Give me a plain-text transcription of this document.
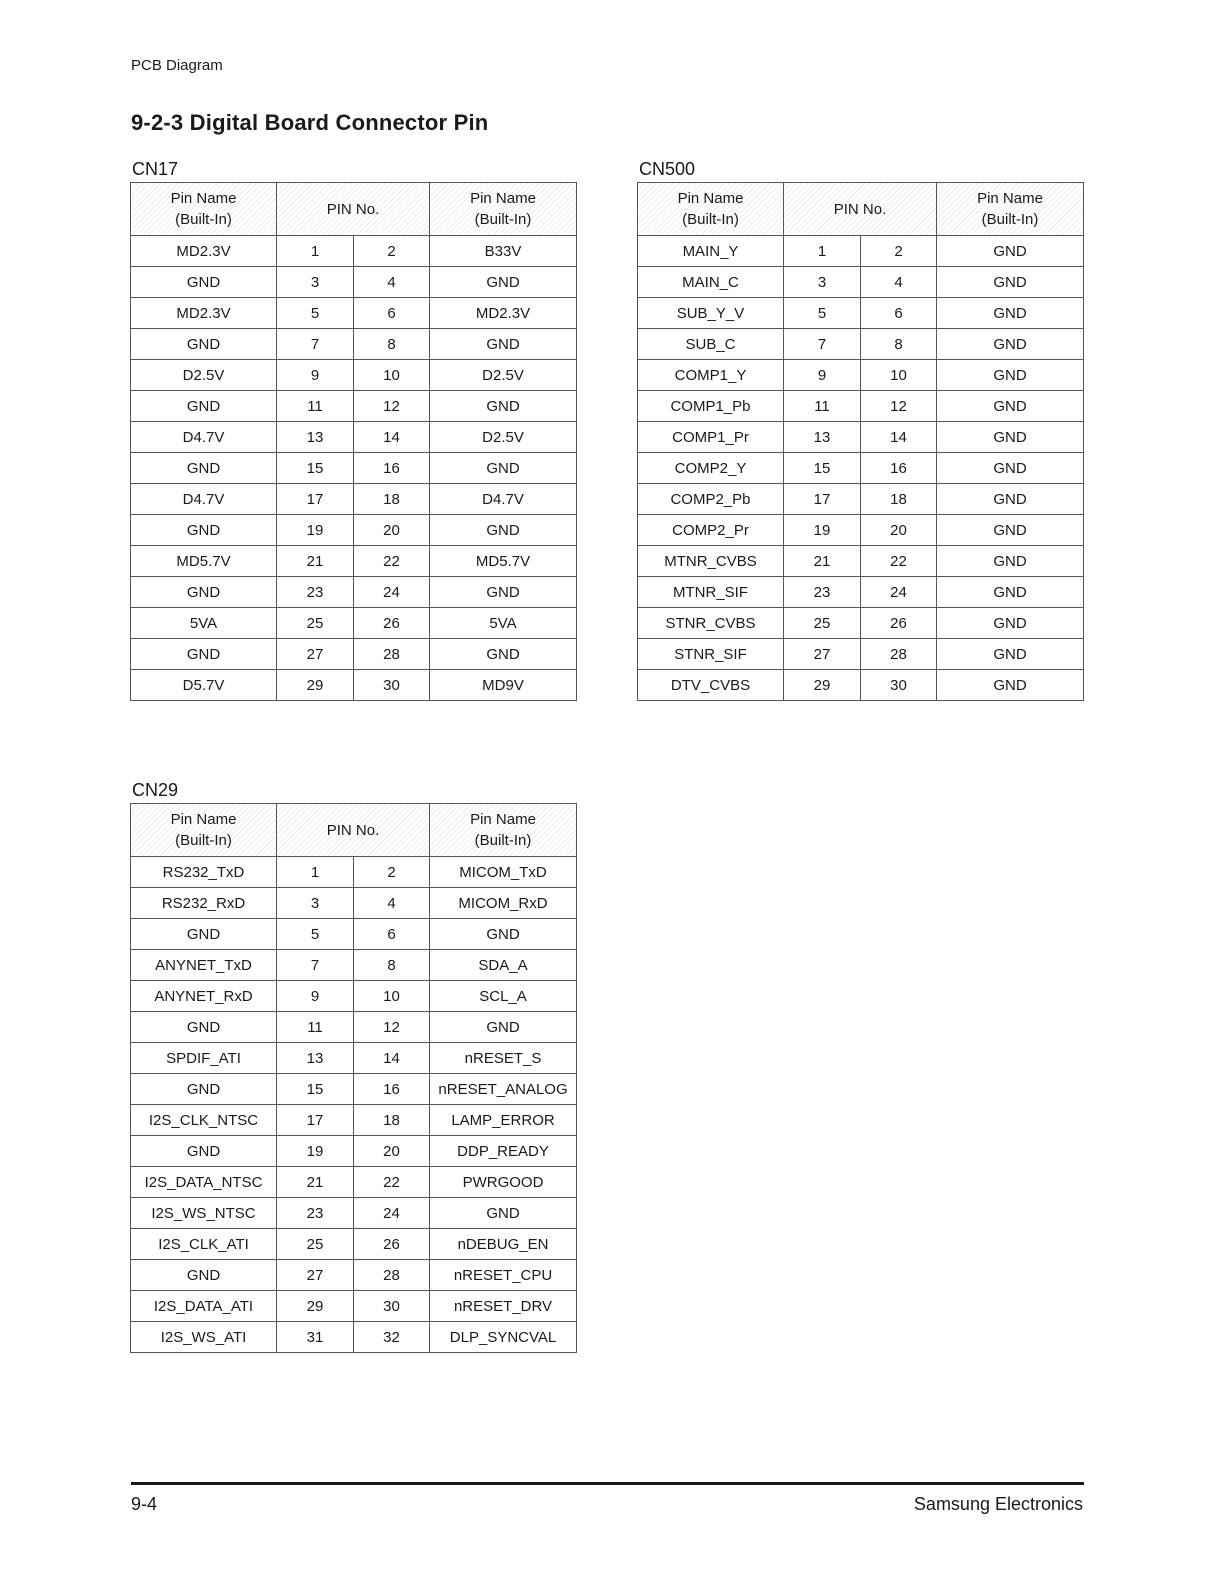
PCB Diagram
9-2-3 Digital Board Connector Pin
CN17
Pin Name
(Built-In)	PIN No.		Pin Name
(Built-In)
MD2.3V	1	2	B33V
GND	3	4	GND
MD2.3V	5	6	MD2.3V
GND	7	8	GND
D2.5V	9	10	D2.5V
GND	11	12	GND
D4.7V	13	14	D2.5V
GND	15	16	GND
D4.7V	17	18	D4.7V
GND	19	20	GND
MD5.7V	21	22	MD5.7V
GND	23	24	GND
5VA	25	26	5VA
GND	27	28	GND
D5.7V	29	30	MD9V
CN500
Pin Name
(Built-In)	PIN No.		Pin Name
(Built-In)
MAIN_Y	1	2	GND
MAIN_C	3	4	GND
SUB_Y_V	5	6	GND
SUB_C	7	8	GND
COMP1_Y	9	10	GND
COMP1_Pb	11	12	GND
COMP1_Pr	13	14	GND
COMP2_Y	15	16	GND
COMP2_Pb	17	18	GND
COMP2_Pr	19	20	GND
MTNR_CVBS	21	22	GND
MTNR_SIF	23	24	GND
STNR_CVBS	25	26	GND
STNR_SIF	27	28	GND
DTV_CVBS	29	30	GND
CN29
Pin Name
(Built-In)	PIN No.		Pin Name
(Built-In)
RS232_TxD	1	2	MICOM_TxD
RS232_RxD	3	4	MICOM_RxD
GND	5	6	GND
ANYNET_TxD	7	8	SDA_A
ANYNET_RxD	9	10	SCL_A
GND	11	12	GND
SPDIF_ATI	13	14	nRESET_S
GND	15	16	nRESET_ANALOG
I2S_CLK_NTSC	17	18	LAMP_ERROR
GND	19	20	DDP_READY
I2S_DATA_NTSC	21	22	PWRGOOD
I2S_WS_NTSC	23	24	GND
I2S_CLK_ATI	25	26	nDEBUG_EN
GND	27	28	nRESET_CPU
I2S_DATA_ATI	29	30	nRESET_DRV
I2S_WS_ATI	31	32	DLP_SYNCVAL
9-4	Samsung Electronics
